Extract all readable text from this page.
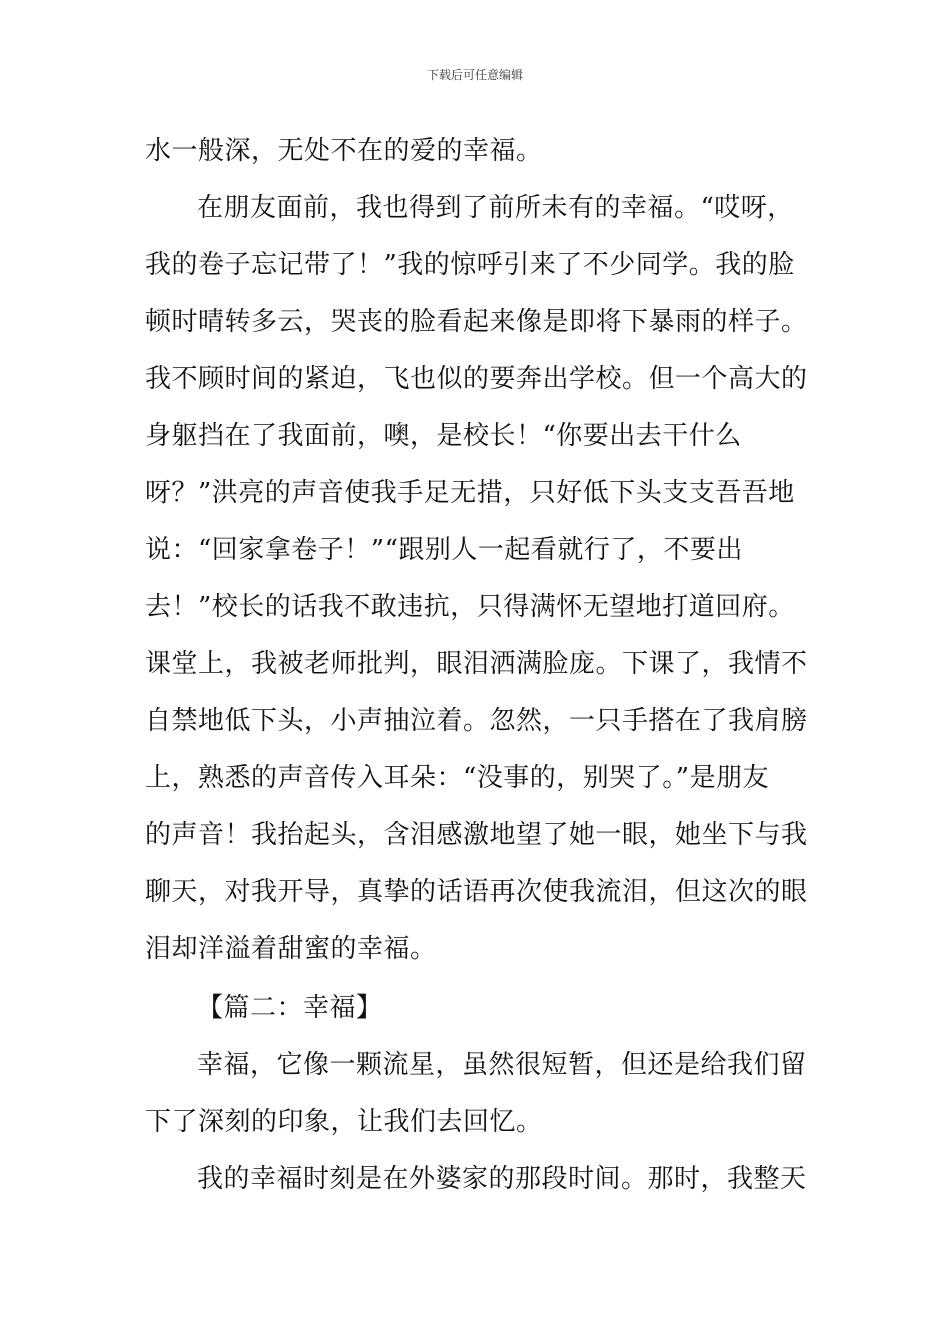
下载后可任意编辑
水一般深，无处不在的爱的幸福。
在朋友面前，我也得到了前所未有的幸福。“哎呀，
我的卷子忘记带了！”我的惊呼引来了不少同学。我的脸
顿时晴转多云，哭丧的脸看起来像是即将下暴雨的样子。
我不顾时间的紧迫，飞也似的要奔出学校。但一个高大的
身躯挡在了我面前，噢，是校长！“你要出去干什么
呀？”洪亮的声音使我手足无措，只好低下头支支吾吾地
说：“回家拿卷子！”“跟别人一起看就行了，不要出
去！”校长的话我不敢违抗，只得满怀无望地打道回府。
课堂上，我被老师批判，眼泪洒满脸庞。下课了，我情不
自禁地低下头，小声抽泣着。忽然，一只手搭在了我肩膀
上，熟悉的声音传入耳朵：“没事的，别哭了。”是朋友
的声音！我抬起头，含泪感激地望了她一眼，她坐下与我
聊天，对我开导，真挚的话语再次使我流泪，但这次的眼
泪却洋溢着甜蜜的幸福。
【篇二：幸福】
幸福，它像一颗流星，虽然很短暂，但还是给我们留
下了深刻的印象，让我们去回忆。
我的幸福时刻是在外婆家的那段时间。那时，我整天
